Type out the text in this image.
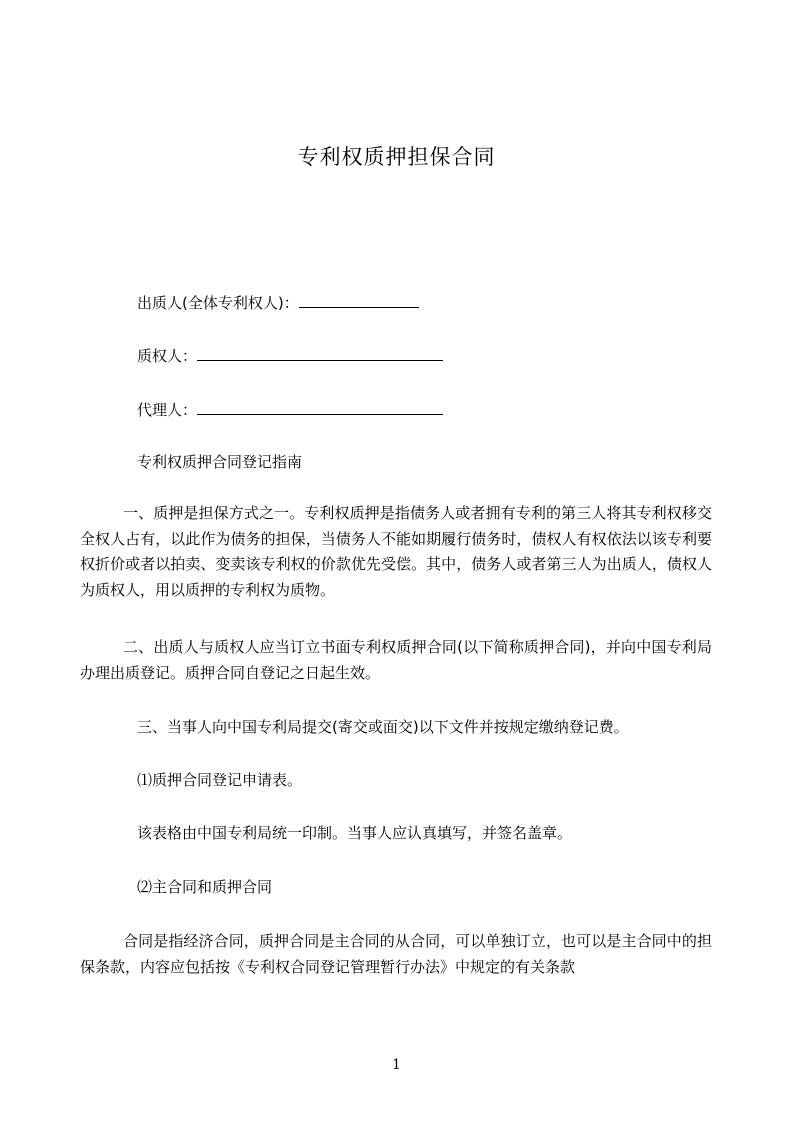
专利权质押担保合同
出质人(全体专利权人)：
质权人：
代理人：
专利权质押合同登记指南
一、质押是担保方式之一。专利权质押是指债务人或者拥有专利的第三人将其专利权移交全权人占有，以此作为债务的担保，当债务人不能如期履行债务时，债权人有权依法以该专利要权折价或者以拍卖、变卖该专利权的价款优先受偿。其中，债务人或者第三人为出质人，债权人为质权人，用以质押的专利权为质物。
二、出质人与质权人应当订立书面专利权质押合同(以下简称质押合同)，并向中国专利局办理出质登记。质押合同自登记之日起生效。
三、当事人向中国专利局提交(寄交或面交)以下文件并按规定缴纳登记费。
⑴质押合同登记申请表。
该表格由中国专利局统一印制。当事人应认真填写，并签名盖章。
⑵主合同和质押合同
合同是指经济合同，质押合同是主合同的从合同，可以单独订立，也可以是主合同中的担保条款，内容应包括按《专利权合同登记管理暂行办法》中规定的有关条款
1
